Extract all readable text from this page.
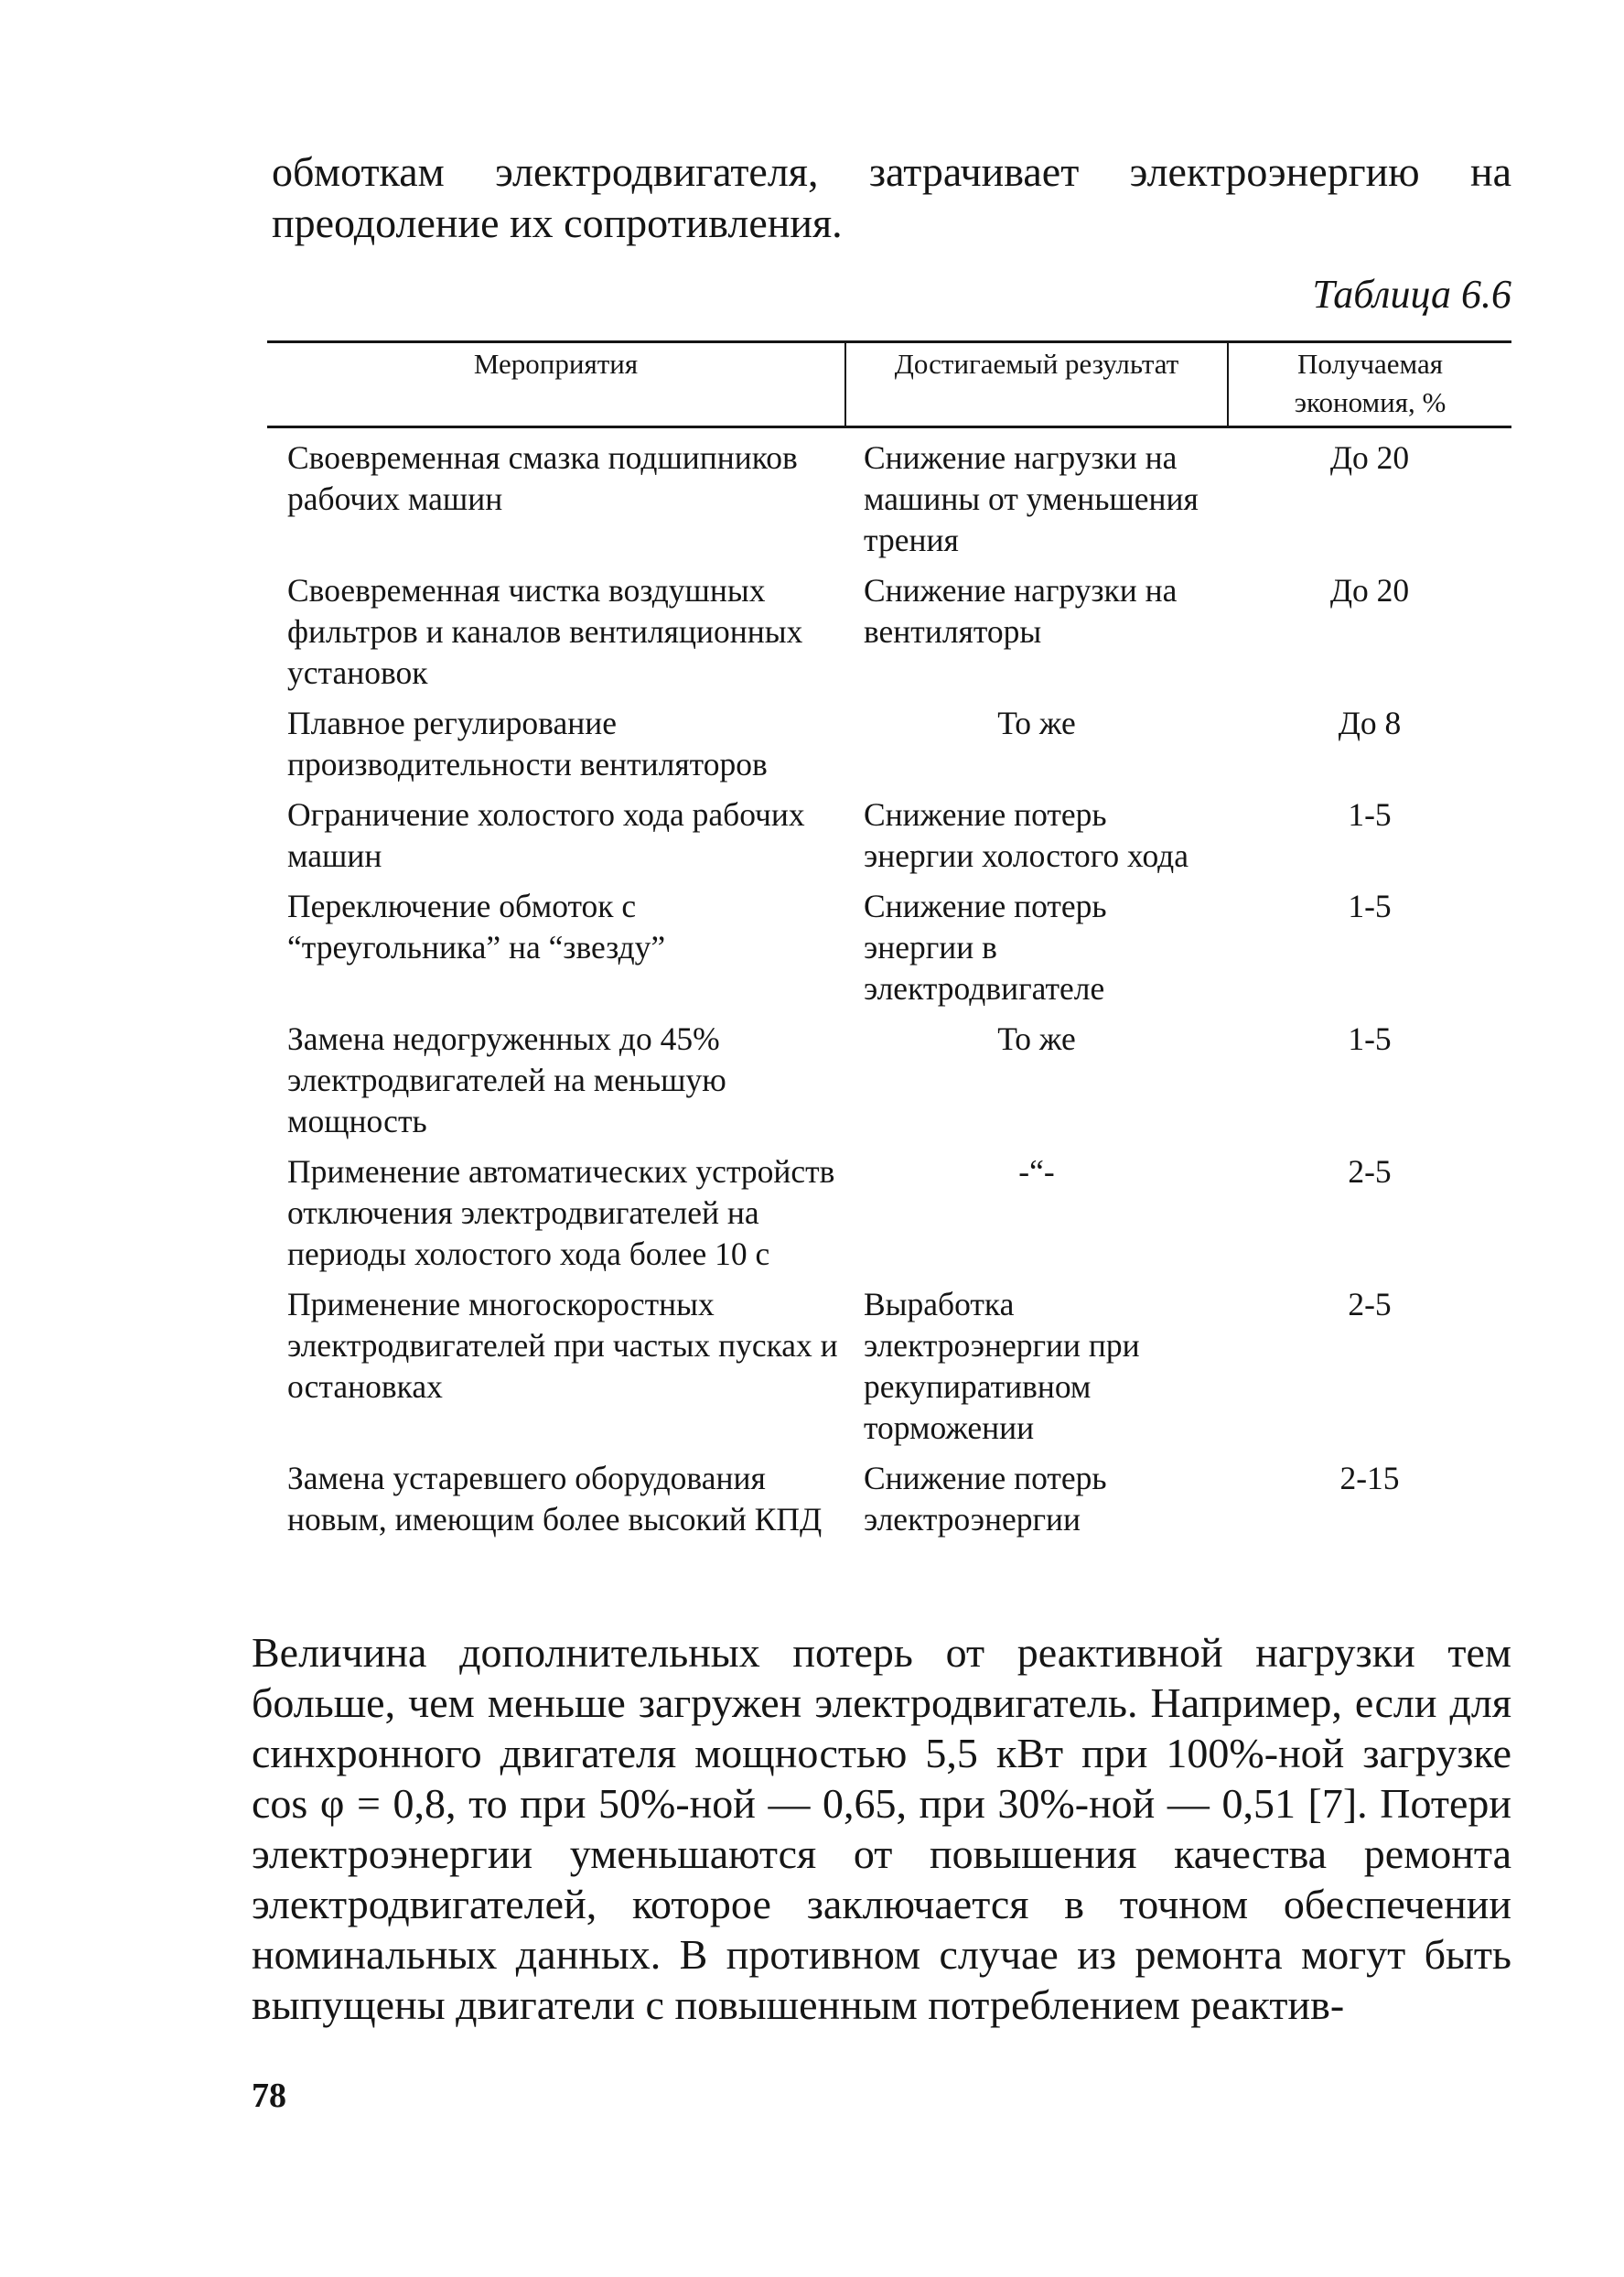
обмоткам электродвигателя, затрачивает электроэнергию на преодоление их сопротивления.

Таблица 6.6

Мероприятия	Достигаемый результат	Получаемая экономия, %
Своевременная смазка подшипников рабочих машин	Снижение нагрузки на машины от уменьшения трения	До 20
Своевременная чистка воздушных фильтров и каналов вентиляционных установок	Снижение нагрузки на вентиляторы	До 20
Плавное регулирование производительности вентиляторов	То же	До 8
Ограничение холостого хода рабочих машин	Снижение потерь энергии холостого хода	1-5
Переключение обмоток с “треугольника” на “звезду”	Снижение потерь энергии в электродвигателе	1-5
Замена недогруженных до 45% электродвигателей на меньшую мощность	То же	1-5
Применение автоматических устройств отключения электродвигателей на периоды холостого хода более 10 с	-“-	2-5
Применение многоскоростных электродвигателей при частых пусках и остановках	Выработка электроэнергии при рекупиративном торможении	2-5
Замена устаревшего оборудования новым, имеющим более высокий КПД	Снижение потерь электроэнергии	2-15

Величина дополнительных потерь от реактивной нагрузки тем больше, чем меньше загружен электродвигатель. Например, если для синхронного двигателя мощностью 5,5 кВт при 100%-ной загрузке cos φ = 0,8, то при 50%-ной — 0,65, при 30%-ной — 0,51 [7]. Потери электроэнергии уменьшаются от повышения качества ремонта электродвигателей, которое заключается в точном обеспечении номинальных данных. В противном случае из ремонта могут быть выпущены двигатели с повышенным потреблением реактив-

78
